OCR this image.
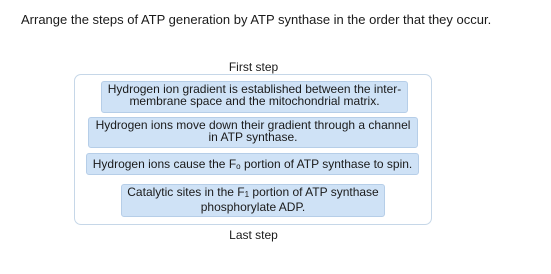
Arrange the steps of ATP generation by ATP synthase in the order that they occur.
First step
Hydrogen ion gradient is established between the inter-
membrane space and the mitochondrial matrix.
Hydrogen ions move down their gradient through a channel
in ATP synthase.
Hydrogen ions cause the Fo portion of ATP synthase to spin.
Catalytic sites in the F1 portion of ATP synthase
phosphorylate ADP.
Last step
